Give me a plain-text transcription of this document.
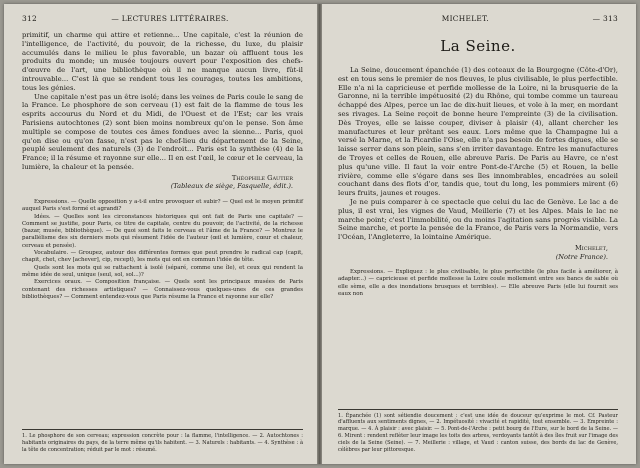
312	— LECTURES LITTÉRAIRES.

primitif, un charme qui attire et retienne... Une capitale, c'est la réunion de l'intelligence, de l'activité, du pouvoir, de la richesse, du luxe, du plaisir accumulés dans le milieu le plus favorable, un bazar où affluent tous les produits du monde; un musée toujours ouvert pour l'exposition des chefs-d'œuvre de l'art, une bibliothèque où il ne manque aucun livre, fût-il introuvable... C'est là que se rendent tous les courages, toutes les ambitions, tous les génies.

Une capitale n'est pas un être isolé; dans les veines de Paris coule le sang de la France. Le phosphore de son cerveau (1) est fait de la flamme de tous les esprits accourus du Nord et du Midi, de l'Ouest et de l'Est; car les vrais Parisiens autochtones (2) sont bien moins nombreux qu'on le pense. Son âme multiple se compose de toutes ces âmes fondues avec la sienne... Paris, quoi qu'on dise ou qu'on fasse, n'est pas le chef-lieu du département de la Seine, peuplé seulement des naturels (3) de l'endroit... Paris est la synthèse (4) de la France; il la résume et rayonne sur elle... Il en est l'œil, le cœur et le cerveau, la lumière, la chaleur et la pensée.

Théophile Gautier
(Tableaux de siège, Fasquelle, édit.).

Expressions. — Quelle opposition y a-t-il entre provoquer et subir? — Quel est le moyen primitif auquel Paris s'est formé et agrandi?

Idées. — Quelles sont les circonstances historiques qui ont fait de Paris une capitale? — Comment se justifie, pour Paris, ce titre de capitale, centre du pouvoir, de l'activité, de la richesse (bazar, musée, bibliothèque). — De quoi sont faits le cerveau et l'âme de la France? — Montrez le parallélisme des six derniers mots qui résument l'idée de l'auteur (œil et lumière, cœur et chaleur, cerveau et pensée).

Vocabulaire. — Groupez, autour des différentes formes que peut prendre le radical cap (capit, chapit, chet, chev [achever], cip, recept), les mots qui ont en commun l'idée de tête.

Quels sont les mots qui se rattachent à isolé (séparé, comme une île), et ceux qui rendent la même idée de seul, unique (seul, sol, sol...)?

Exercices oraux. — Composition française. — Quels sont les principaux musées de Paris contenant des richesses artistiques? — Connaissez-vous quelques-unes de ces grandes bibliothèques? — Comment entendez-vous que Paris résume la France et rayonne sur elle?

1. Le phosphore de son cerveau; expression concrète pour : la flamme, l'intelligence. — 2. Autochtones : habitants originaires du pays, de la terre même qu'ils habitent. — 3. Naturels : habitants. — 4. Synthèse : à la tête de concentration; réduit par le mot : résumé.

MICHELET.	— 313
La Seine.

La Seine, doucement épanchée (1) des coteaux de la Bourgogne (Côte-d'Or), est en tous sens le premier de nos fleuves, le plus civilisable, le plus perfectible. Elle n'a ni la capricieuse et perfide mollesse de la Loire, ni la brusquerie de la Garonne, ni la terrible impétuosité (2) du Rhône, qui tombe comme un taureau échappé des Alpes, perce un lac de dix-huit lieues, et vole à la mer, en mordant ses rivages. La Seine reçoit de bonne heure l'empreinte (3) de la civilisation. Dès Troyes, elle se laisse couper, diviser à plaisir (4), allant chercher les manufactures et leur prêtant ses eaux. Lors même que la Champagne lui a versé la Marne, et la Picardie l'Oise, elle n'a pas besoin de fortes digues, elle se laisse serrer dans son plein, sans s'en irriter davantage. Entre les manufactures de Troyes et celles de Rouen, elle abreuve Paris. De Paris au Havre, ce n'est plus qu'une ville. Il faut la voir entre Pont-de-l'Arche (5) et Rouen, la belle rivière, comme elle s'égare dans ses îles innombrables, encadrées au soleil couchant dans des flots d'or, tandis que, tout du long, les pommiers mirent (6) leurs fruits, jaunes et rouges.

Je ne puis comparer à ce spectacle que celui du lac de Genève. Le lac a de plus, il est vrai, les vignes de Vaud, Meillerie (7) et les Alpes. Mais le lac ne marche point; c'est l'immobilité, ou du moins l'agitation sans progrès visible. La Seine marche, et porte la pensée de la France, de Paris vers la Normandie, vers l'Océan, l'Angleterre, la lointaine Amérique.

Michelet,
(Notre France).

Expressions. — Expliquez : le plus civilisable, le plus perfectible (le plus facile à améliorer, à adapter...) — capricieuse et perfide mollesse la Loire coule mollement entre ses bancs de sable où elle sème, elle a des inondations brusques et terribles). — Elle abreuve Paris (elle lui fournit ses eaux non

1. Épanchée (1) sont sétiendie doucement : c'est une idée de douceur qu'exprime le mot. Cf. Pasteur d'affluents aux sentiments dignes, — 2. Impétuosité : vivacité et rapidité, tout ensemble. — 3. Empreinte : marque. — 4. À plaisir : avec plaisir. — 5. Pont-de-l'Arche : petit bourg de l'Eure, sur le bord de la Seine. — 6. Mirent : rendent reflèter leur image les toits des arbres, verdoyants tantôt à des îles fruit sur l'image des ciels de la Seine (Seine). — 7. Meillerie : village, et Vaud : canton suisse, des bords du lac de Genève, célèbres par leur pittoresque.
